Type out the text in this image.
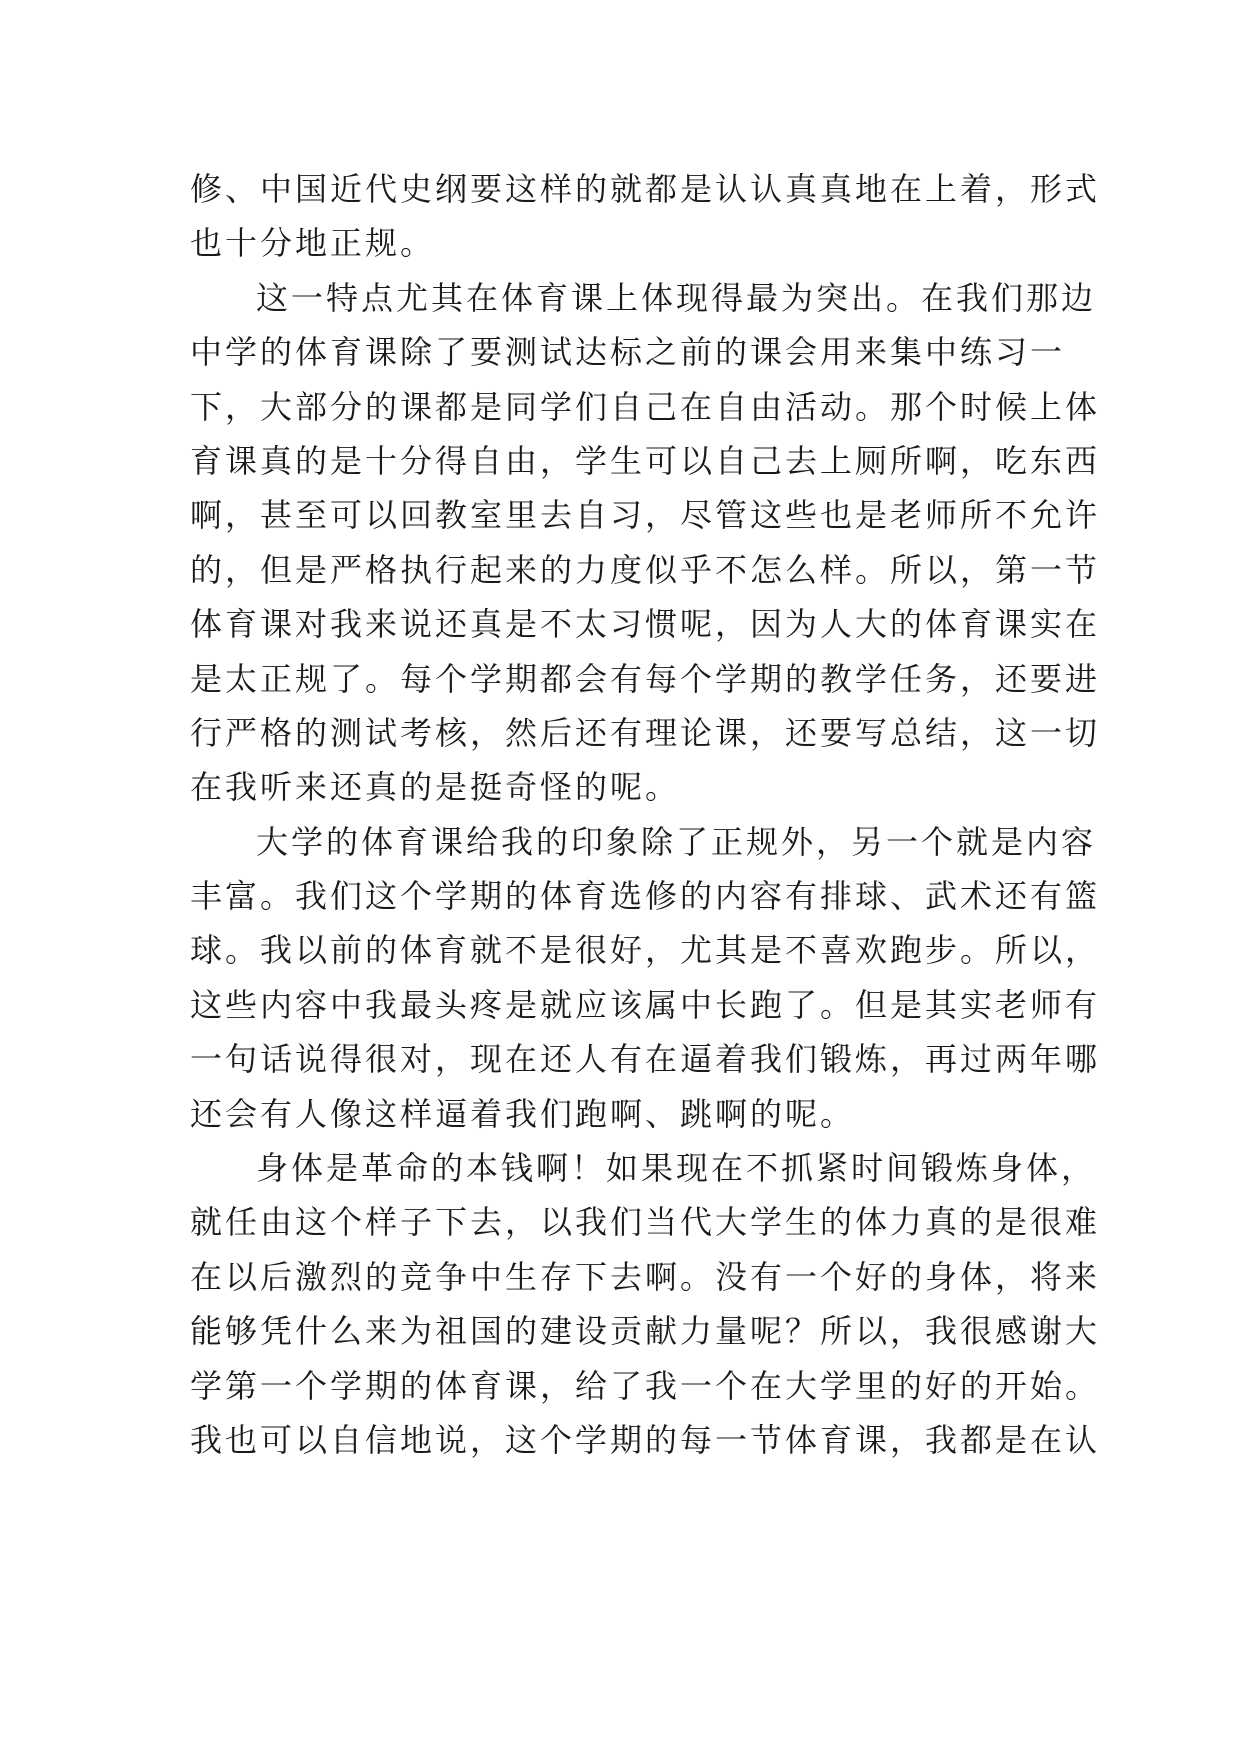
修、中国近代史纲要这样的就都是认认真真地在上着，形式
也十分地正规。
这一特点尤其在体育课上体现得最为突出。在我们那边
中学的体育课除了要测试达标之前的课会用来集中练习一
下，大部分的课都是同学们自己在自由活动。那个时候上体
育课真的是十分得自由，学生可以自己去上厕所啊，吃东西
啊，甚至可以回教室里去自习，尽管这些也是老师所不允许
的，但是严格执行起来的力度似乎不怎么样。所以，第一节
体育课对我来说还真是不太习惯呢，因为人大的体育课实在
是太正规了。每个学期都会有每个学期的教学任务，还要进
行严格的测试考核，然后还有理论课，还要写总结，这一切
在我听来还真的是挺奇怪的呢。
大学的体育课给我的印象除了正规外，另一个就是内容
丰富。我们这个学期的体育选修的内容有排球、武术还有篮
球。我以前的体育就不是很好，尤其是不喜欢跑步。所以，
这些内容中我最头疼是就应该属中长跑了。但是其实老师有
一句话说得很对，现在还人有在逼着我们锻炼，再过两年哪
还会有人像这样逼着我们跑啊、跳啊的呢。
身体是革命的本钱啊！如果现在不抓紧时间锻炼身体，
就任由这个样子下去，以我们当代大学生的体力真的是很难
在以后激烈的竞争中生存下去啊。没有一个好的身体，将来
能够凭什么来为祖国的建设贡献力量呢？所以，我很感谢大
学第一个学期的体育课，给了我一个在大学里的好的开始。
我也可以自信地说，这个学期的每一节体育课，我都是在认
